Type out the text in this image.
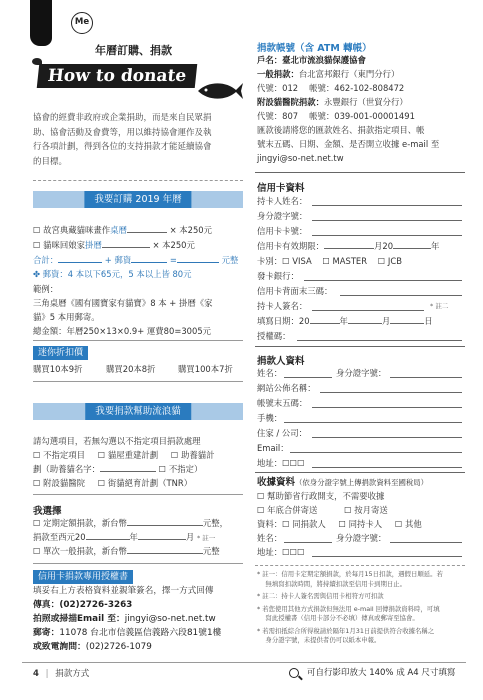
Me
年曆訂購、捐款
How to donate
協會的經費非政府或企業捐助，而是來自民眾捐
助、協會活動及會費等，用以維持協會運作及執
行各項計劃，得到各位的支持捐款才能延續協會
的目標。
我要訂購 2019 年曆
☐ 故宮典藏貓咪畫作桌曆	× 本250元
☐ 貓咪回娘家掛曆	× 本250元
合計：	+ 郵資	=	元整
✤ 郵資：4 本以下65元，5 本以上皆 80元
範例：
三角桌曆《國有國寶家有貓寶》8 本 + 掛曆《家
貓》5 本用郵寄。
總金額：年曆250×13×0.9+ 運費80=3005元
迷你折扣價
購買10本9折	購買20本8折	購買100本7折
我要捐款幫助流浪貓
請勾選項目，若無勾選以不指定項目捐款處理
☐ 不指定項目 ☐ 貓屋重建計劃 ☐ 助養貓計
劃（助養貓名字：	☐ 不指定）
☐ 附設貓醫院 ☐ 街貓絕育計劃（TNR）
我選擇
☐ 定期定額捐款，新台幣	元整，
捐款至西元20	年	月 * 註一
☐ 單次一般捐款，新台幣	元整
信用卡捐款專用授權書
填妥右上方表格資料並親筆簽名，擇一方式回傳
傳真：(02)2726-3263
拍照或掃描Email 至：jingyi@so-net.net.tw
郵寄：11078 台北市信義區信義路六段81號1樓
或致電詢問：(02)2726-1079
捐款帳號（含 ATM 轉帳）
戶名：臺北市流浪貓保護協會
一般捐款：台北富邦銀行（東門分行）
代號：012　 帳號：462-102-808472
附設貓醫院捐款：永豐銀行（世貿分行）
代號：807　 帳號：039-001-00001491
匯款後請將您的匯款姓名、捐款指定項目、帳
號末五碼、日期、金額、是否開立收據 e-mail 至
jingyi@so-net.net.tw
信用卡資料
持卡人姓名：
身分證字號：
信用卡卡號：
信用卡有效期限：	月20	年
卡別：☐ VISA ☐ MASTER ☐ JCB
發卡銀行：
信用卡背面末三碼：
持卡人簽名：	* 註二
填寫日期：20	年	月	日
授權碼：
捐款人資料
姓名：	身分證字號：
網站公佈名稱：
帳號末五碼：
手機：
住家 / 公司：
Email：
地址：☐☐☐
收據資料（依身分證字號上傳捐款資料至國稅局）
☐ 幫助節省行政開支，不需要收據
☐ 年底合併寄送	☐ 按月寄送
資料：☐ 同捐款人 ☐ 同持卡人 ☐ 其他
姓名：	身分證字號：
地址：☐☐☐
* 註一：信用卡定期定額捐款，於每月15日扣款，遇假日順延。若
　 無填寫扣款時間，將持續扣款至信用卡到期日止。
* 註二：持卡人簽名需與信用卡相符方可扣款
* 若您使用其他方式捐款但無法用 e-mail 回傳捐款資料時，可填
　 寫此授權書（信用卡部分不必填）傳真或郵寄至協會。
* 若需扣抵綜合所得稅請於隔年1月31日前提供符合收據名稱之
　 身分證字號，未提供者仍可以紙本申報。
4 | 捐款方式	可自行影印放大 140% 成 A4 尺寸填寫
